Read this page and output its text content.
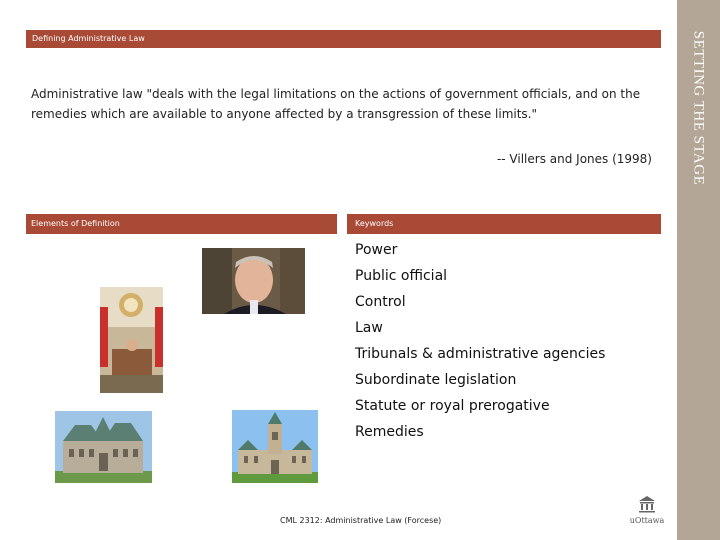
SETTING THE STAGE
Defining Administrative Law
Administrative law "deals with the legal limitations on the actions of government officials, and on the remedies which are available to anyone affected by a transgression of these limits."
-- Villers and Jones (1998)
Elements of Definition	Keywords
Power
Public official
Control
Law
Tribunals & administrative agencies
Subordinate legislation
Statute or royal prerogative
Remedies
CML 2312: Administrative Law (Forcese)	uOttawa
